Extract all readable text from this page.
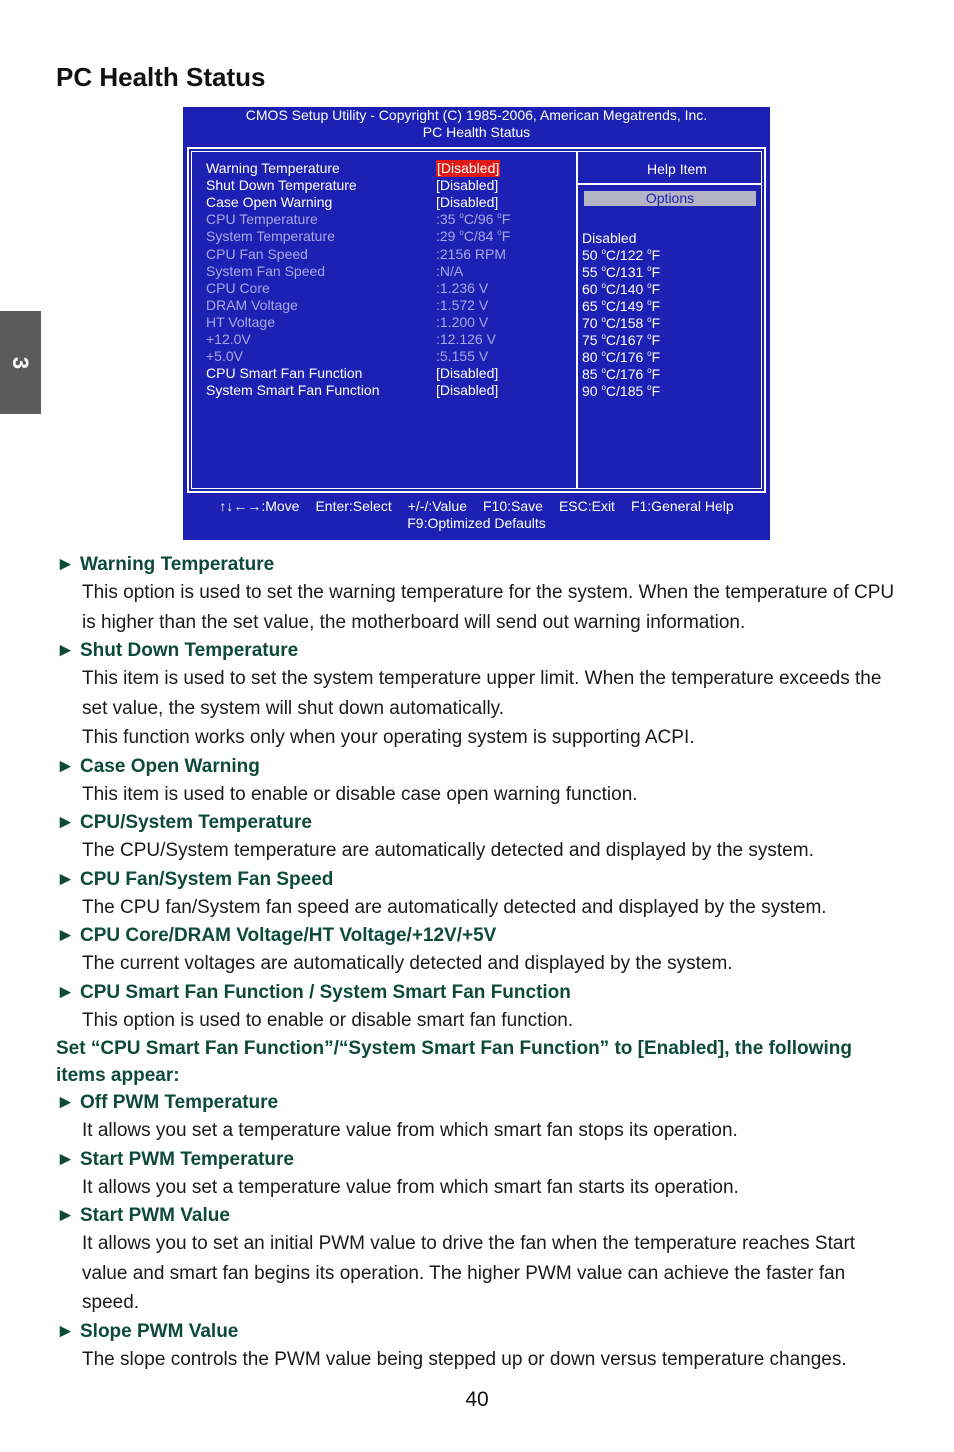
PC Health Status
3
CMOS Setup Utility - Copyright (C) 1985-2006, American Megatrends, Inc.
PC Health Status
Warning Temperature	[Disabled]
Shut Down Temperature	[Disabled]
Case Open Warning	[Disabled]
CPU Temperature	:35 $^o$C/96 $^o$F
System Temperature	:29 $^o$C/84 $^o$F
CPU Fan Speed	:2156 RPM
System Fan Speed	:N/A
CPU Core	:1.236 V
DRAM Voltage	:1.572 V
HT Voltage	:1.200 V
+12.0V	:12.126 V
+5.0V	:5.155 V
CPU Smart Fan Function	[Disabled]
System Smart Fan Function	[Disabled]
Help Item
Options
Disabled
50 $^o$C/122 $^o$F
55 $^o$C/131 $^o$F
60 $^o$C/140 $^o$F
65 $^o$C/149 $^o$F
70 $^o$C/158 $^o$F
75 $^o$C/167 $^o$F
80 $^o$C/176 $^o$F
85 $^o$C/176 $^o$F
90 $^o$C/185 $^o$F
↑↓←→:Move Enter:Select +/-/:Value F10:Save ESC:Exit F1:General Help
F9:Optimized Defaults
► Warning Temperature
This option is used to set the warning temperature for the system. When the temperature of CPU is higher than the set value, the motherboard will send out warning information.
► Shut Down Temperature
This item is used to set the system temperature upper limit. When the temperature exceeds the set value, the system will shut down automatically.
This function works only when your operating system is supporting ACPI.
► Case Open Warning
This item is used to enable or disable case open warning function.
► CPU/System Temperature
The CPU/System temperature are automatically detected and displayed by the system.
► CPU Fan/System Fan Speed
The CPU fan/System fan speed are automatically detected and displayed by the system.
► CPU Core/DRAM Voltage/HT Voltage/+12V/+5V
The current voltages are automatically detected and displayed by the system.
► CPU Smart Fan Function / System Smart Fan Function
This option is used to enable or disable smart fan function.
Set “CPU Smart Fan Function”/“System Smart Fan Function” to [Enabled], the following items appear:
► Off PWM Temperature
It allows you set a temperature value from which smart fan stops its operation.
► Start PWM Temperature
It allows you set a temperature value from which smart fan starts its operation.
► Start PWM Value
It allows you to set an initial PWM value to drive the fan when the temperature reaches Start value and smart fan begins its operation. The higher PWM value can achieve the faster fan speed.
► Slope PWM Value
The slope controls the PWM value being stepped up or down versus temperature changes.
40
